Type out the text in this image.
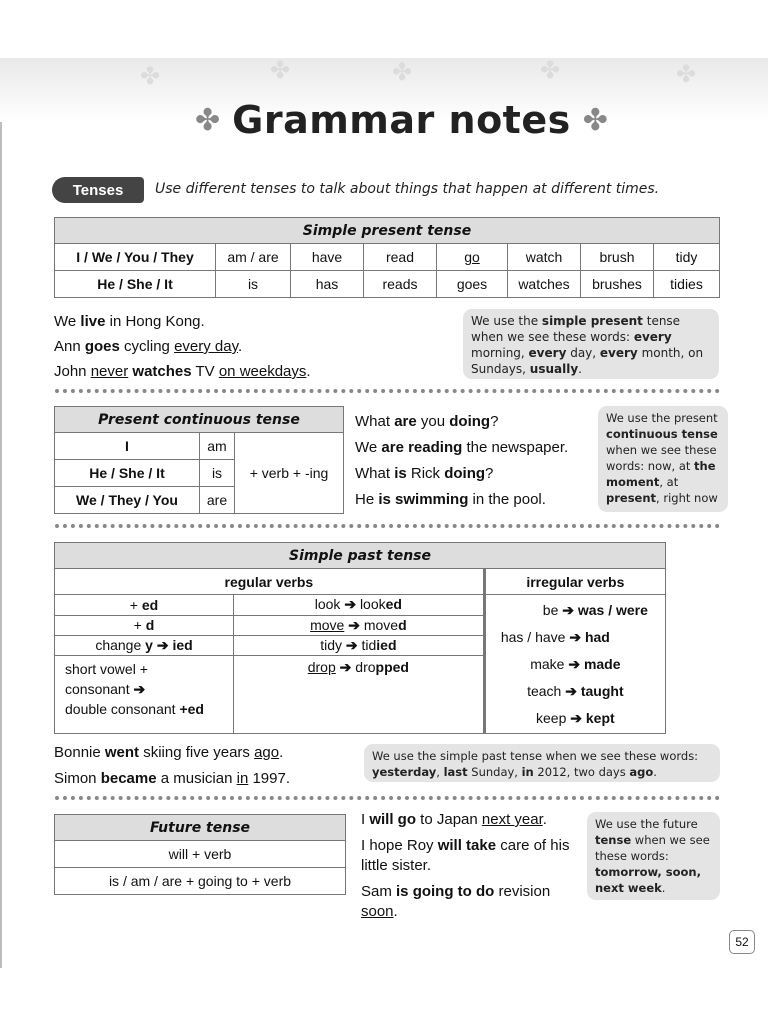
✤	✤	✤	✤	✤
✤ Grammar notes ✤
Tenses	Use different tenses to talk about things that happen at different times.
Simple present tense							
I / We / You / They	am / are	have	read	go	watch	brush	tidy
He / She / It	is	has	reads	goes	watches	brushes	tidies

We live in Hong Kong.

Ann goes cycling every day.

John never watches TV on weekdays.

We use the simple present tense when we see these words: every morning, every day, every month, on Sundays, usually.
Present continuous tense		
I	am	+ verb + -ing
He / She / It	is	
We / They / You	are	

What are you doing?

We are reading the newspaper.

What is Rick doing?

He is swimming in the pool.

We use the present continuous tense when we see these words: now, at the moment, at present, right now
Simple past tense
regular verbs	irregular verbs

+ ed	look ➔ looked
+ d	move ➔ moved
change y ➔ ied	tidy ➔ tidied

short vowel +
consonant ➔
double consonant +ed
	drop ➔ dropped

be ➔ was / were
has / have ➔ had
make ➔ made
teach ➔ taught
keep ➔ kept

Bonnie went skiing five years ago.

Simon became a musician in 1997.

We use the simple past tense when we see these words: yesterday, last Sunday, in 2012, two days ago.
Future tense
will + verb
is / am / are + going to + verb

I will go to Japan next year.

I hope Roy will take care of his little sister.

Sam is going to do revision soon.

We use the future tense when we see these words: tomorrow, soon, next week.
52
